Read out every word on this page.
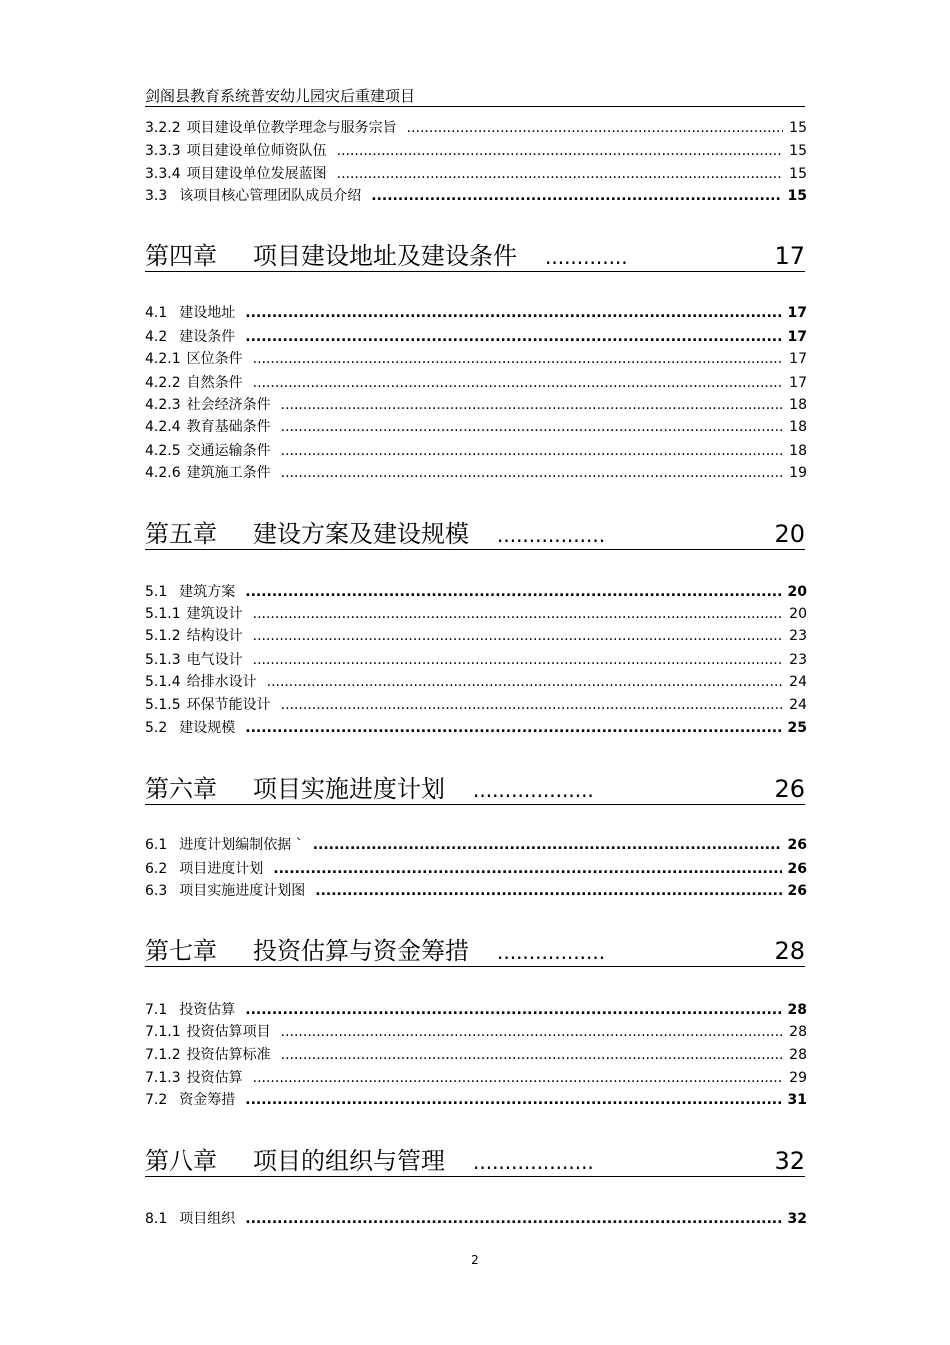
剑阁县教育系统普安幼儿园灾后重建项目
3.2.2 项目建设单位教学理念与服务宗旨 .....	15
3.3.3 项目建设单位师资队伍 .....	15
3.3.4 项目建设单位发展蓝图 .....	15
3.3 该项目核心管理团队成员介绍 .....	15
第四章 项目建设地址及建设条件 .............	17
4.1 建设地址 .....	17
4.2 建设条件 .....	17
4.2.1 区位条件 .....	17
4.2.2 自然条件 .....	17
4.2.3 社会经济条件 .....	18
4.2.4 教育基础条件 .....	18
4.2.5 交通运输条件 .....	18
4.2.6 建筑施工条件 .....	19
第五章 建设方案及建设规模 .................	20
5.1 建筑方案 .....	20
5.1.1 建筑设计 .....	20
5.1.2 结构设计 .....	23
5.1.3 电气设计 .....	23
5.1.4 给排水设计 .....	24
5.1.5 环保节能设计 .....	24
5.2 建设规模 .....	25
第六章 项目实施进度计划 ...................	26
6.1 进度计划编制依据 ` .....	26
6.2 项目进度计划 .....	26
6.3 项目实施进度计划图 .....	26
第七章 投资估算与资金筹措 .................	28
7.1 投资估算 .....	28
7.1.1 投资估算项目 .....	28
7.1.2 投资估算标准 .....	28
7.1.3 投资估算 .....	29
7.2 资金筹措 .....	31
第八章 项目的组织与管理 ...................	32
8.1 项目组织 .....	32
2
